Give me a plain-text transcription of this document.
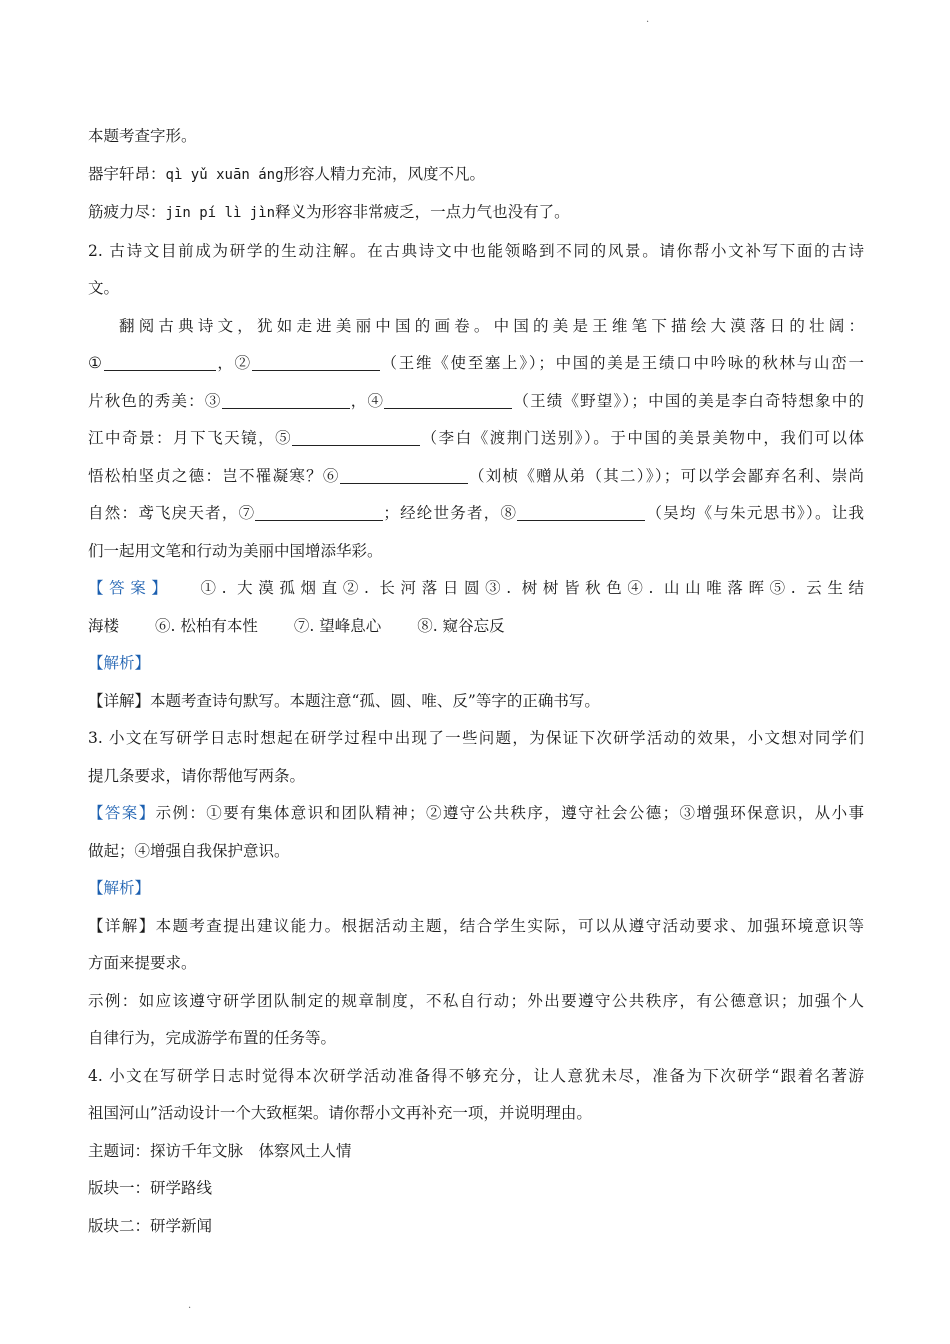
.

本题考查字形。

器宇轩昂：qì yǔ xuān áng形容人精力充沛，风度不凡。

筋疲力尽：jīn pí lì jìn释义为形容非常疲乏，一点力气也没有了。

2. 古诗文目前成为研学的生动注解。在古典诗文中也能领略到不同的风景。请你帮小文补写下面的古诗

文。

翻阅古典诗文，犹如走进美丽中国的画卷。中国的美是王维笔下描绘大漠落日的壮阔：

①	，②	（王维《使至塞上》）；中国的美是王绩口中吟咏的秋林与山峦一

片秋色的秀美：③	，④	（王绩《野望》）；中国的美是李白奇特想象中的

江中奇景：月下飞天镜，⑤	（李白《渡荆门送别》）。于中国的美景美物中，我们可以体

悟松柏坚贞之德：岂不罹凝寒？⑥	（刘桢《赠从弟（其二）》）；可以学会鄙弃名利、崇尚

自然：鸢飞戾天者，⑦	；经纶世务者，⑧	（吴均《与朱元思书》）。让我

们一起用文笔和行动为美丽中国增添华彩。

【答案】 ①. 大漠孤烟直②. 长河落日圆③. 树树皆秋色④. 山山唯落晖⑤. 云生结

海楼 ⑥. 松柏有本性 ⑦. 望峰息心 ⑧. 窥谷忘反

【解析】

【详解】本题考查诗句默写。本题注意“孤、圆、唯、反”等字的正确书写。

3. 小文在写研学日志时想起在研学过程中出现了一些问题，为保证下次研学活动的效果，小文想对同学们

提几条要求，请你帮他写两条。

【答案】示例：①要有集体意识和团队精神；②遵守公共秩序，遵守社会公德；③增强环保意识，从小事

做起；④增强自我保护意识。

【解析】

【详解】本题考查提出建议能力。根据活动主题，结合学生实际，可以从遵守活动要求、加强环境意识等

方面来提要求。

示例：如应该遵守研学团队制定的规章制度，不私自行动；外出要遵守公共秩序，有公德意识；加强个人

自律行为，完成游学布置的任务等。

4. 小文在写研学日志时觉得本次研学活动准备得不够充分，让人意犹未尽，准备为下次研学“跟着名著游

祖国河山”活动设计一个大致框架。请你帮小文再补充一项，并说明理由。

主题词：探访千年文脉　体察风土人情

版块一：研学路线

版块二：研学新闻

.
